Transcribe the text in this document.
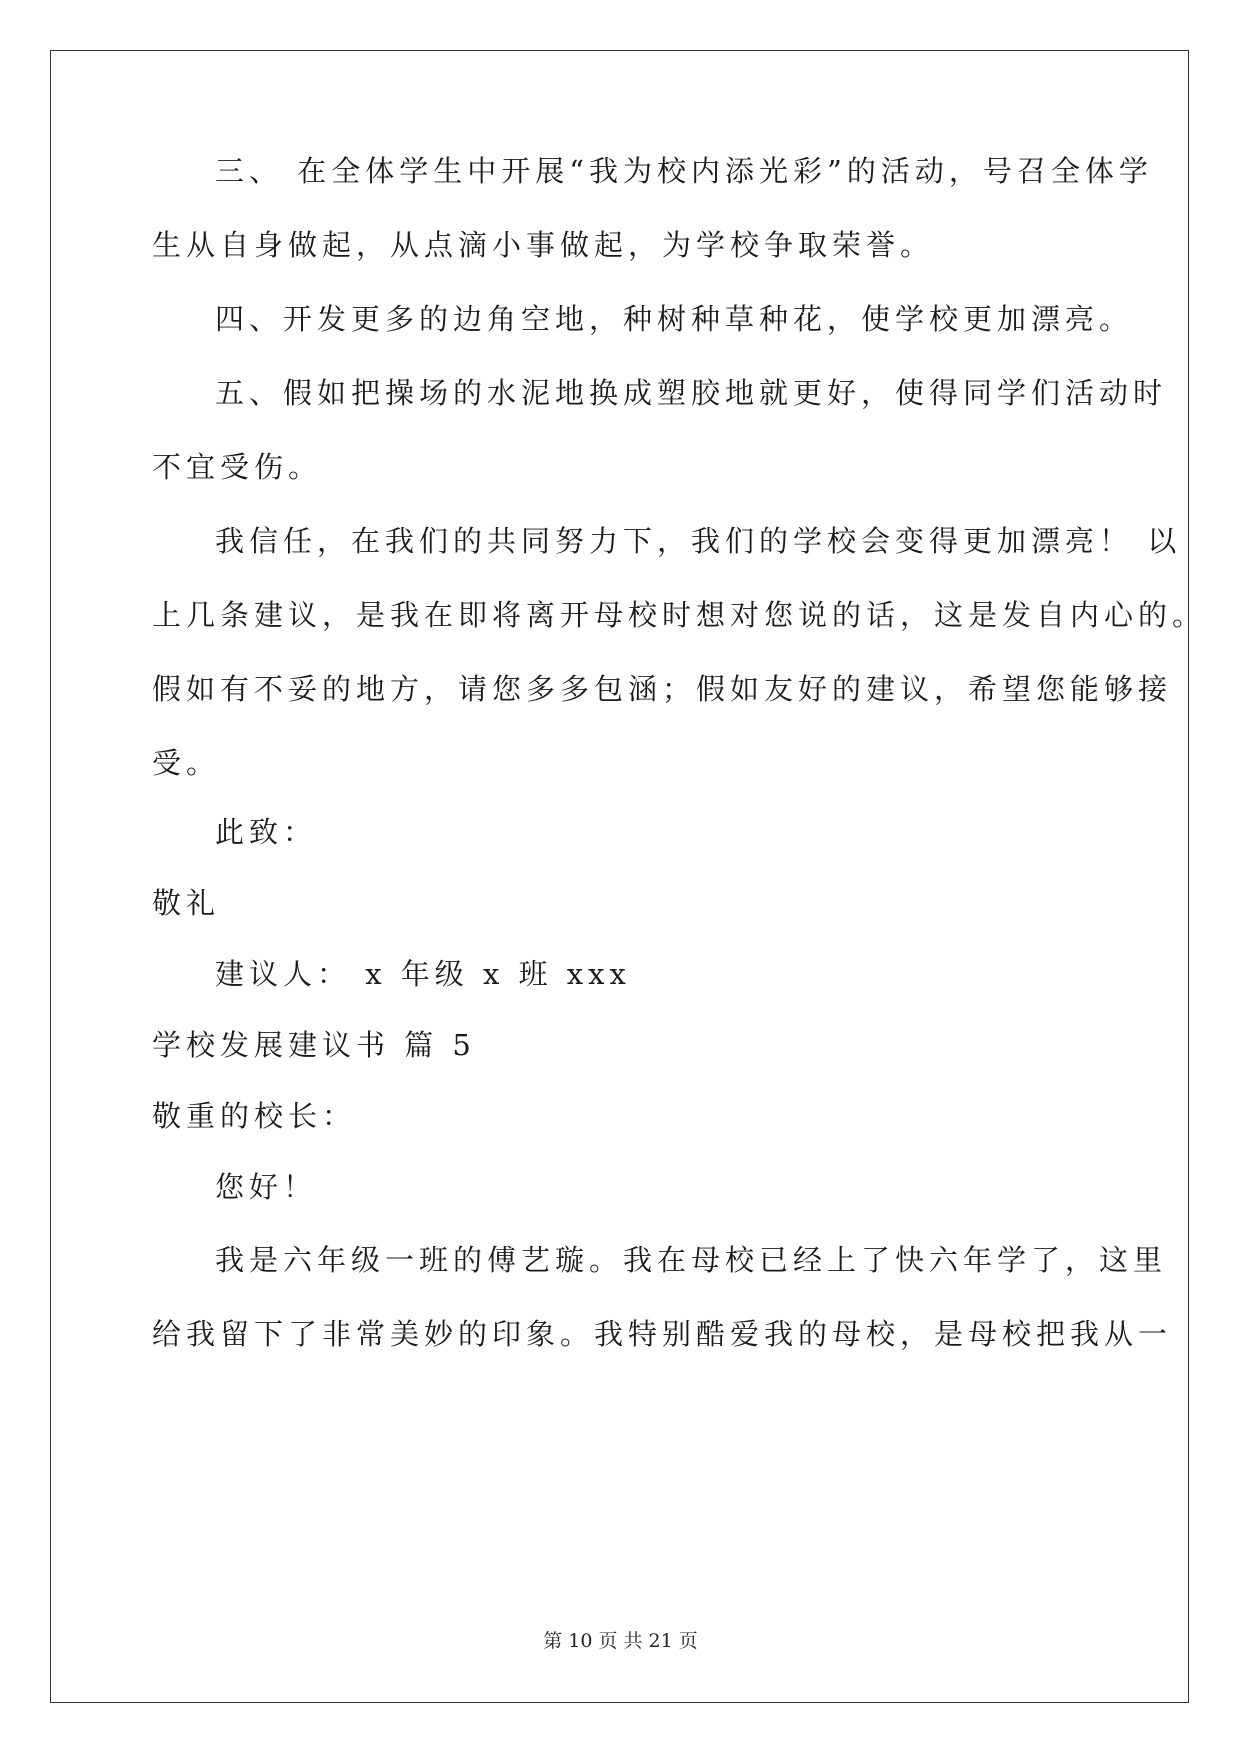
三、 在全体学生中开展“我为校内添光彩”的活动，号召全体学
生从自身做起，从点滴小事做起，为学校争取荣誉。
四、开发更多的边角空地，种树种草种花，使学校更加漂亮。
五、假如把操场的水泥地换成塑胶地就更好，使得同学们活动时
不宜受伤。
我信任，在我们的共同努力下，我们的学校会变得更加漂亮！ 以
上几条建议，是我在即将离开母校时想对您说的话，这是发自内心的。
假如有不妥的地方，请您多多包涵；假如友好的建议，希望您能够接
受。
此致：
敬礼
建议人： x 年级 x 班 xxx
学校发展建议书 篇 5
敬重的校长：
您好！
我是六年级一班的傅艺璇。我在母校已经上了快六年学了，这里
给我留下了非常美妙的印象。我特别酷爱我的母校，是母校把我从一
第 10 页 共 21 页
